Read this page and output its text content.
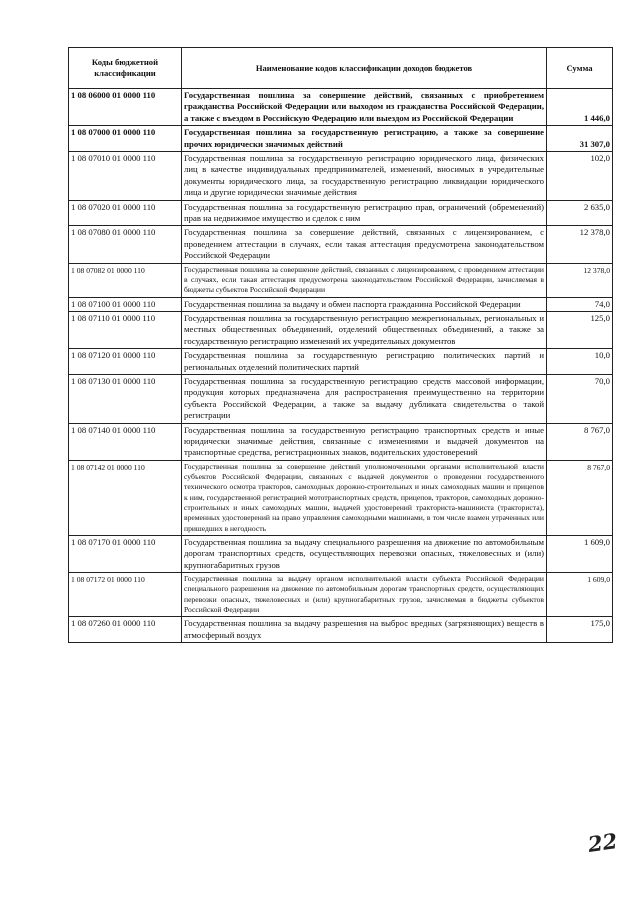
Коды бюджетной классификации	Наименование кодов классификации доходов бюджетов	Сумма
1 08 06000 01 0000 110	Государственная пошлина за совершение действий, связанных с приобретением гражданства Российской Федерации или выходом из гражданства Российской Федерации, а также с въездом в Российскую Федерацию или выездом из Российской Федерации	1 446,0
1 08 07000 01 0000 110	Государственная пошлина за государственную регистрацию, а также за совершение прочих юридически значимых действий	31 307,0
1 08 07010 01 0000 110	Государственная пошлина за государственную регистрацию юридического лица, физических лиц в качестве индивидуальных предпринимателей, изменений, вносимых в учредительные документы юридического лица, за государственную регистрацию ликвидации юридического лица и другие юридически значимые действия	102,0
1 08 07020 01 0000 110	Государственная пошлина за государственную регистрацию прав, ограничений (обременений) прав на недвижимое имущество и сделок с ним	2 635,0
1 08 07080 01 0000 110	Государственная пошлина за совершение действий, связанных с лицензированием, с проведением аттестации в случаях, если такая аттестация предусмотрена законодательством Российской Федерации	12 378,0
1 08 07082 01 0000 110	Государственная пошлина за совершение действий, связанных с лицензированием, с проведением аттестации в случаях, если такая аттестация предусмотрена законодательством Российской Федерации, зачисляемая в бюджеты субъектов Российской Федерации	12 378,0
1 08 07100 01 0000 110	Государственная пошлина за выдачу и обмен паспорта гражданина Российской Федерации	74,0
1 08 07110 01 0000 110	Государственная пошлина за государственную регистрацию межрегиональных, региональных и местных общественных объединений, отделений общественных объединений, а также за государственную регистрацию изменений их учредительных документов	125,0
1 08 07120 01 0000 110	Государственная пошлина за государственную регистрацию политических партий и региональных отделений политических партий	10,0
1 08 07130 01 0000 110	Государственная пошлина за государственную регистрацию средств массовой информации, продукция которых предназначена для распространения преимущественно на территории субъекта Российской Федерации, а также за выдачу дубликата свидетельства о такой регистрации	70,0
1 08 07140 01 0000 110	Государственная пошлина за государственную регистрацию транспортных средств и иные юридически значимые действия, связанные с изменениями и выдачей документов на транспортные средства, регистрационных знаков, водительских удостоверений	8 767,0
1 08 07142 01 0000 110	Государственная пошлина за совершение действий уполномоченными органами исполнительной власти субъектов Российской Федерации, связанных с выдачей документов о проведении государственного технического осмотра тракторов, самоходных дорожно-строительных и иных самоходных машин и прицепов к ним, государственной регистрацией мототранспортных средств, прицепов, тракторов, самоходных дорожно-строительных и иных самоходных машин, выдачей удостоверений тракториста-машиниста (тракториста), временных удостоверений на право управления самоходными машинами, в том числе взамен утраченных или пришедших в негодность	8 767,0
1 08 07170 01 0000 110	Государственная пошлина за выдачу специального разрешения на движение по автомобильным дорогам транспортных средств, осуществляющих перевозки опасных, тяжеловесных и (или) крупногабаритных грузов	1 609,0
1 08 07172 01 0000 110	Государственная пошлина за выдачу органом исполнительной власти субъекта Российской Федерации специального разрешения на движение по автомобильным дорогам транспортных средств, осуществляющих перевозки опасных, тяжеловесных и (или) крупногабаритных грузов, зачисляемая в бюджеты субъектов Российской Федерации	1 609,0
1 08 07260 01 0000 110	Государственная пошлина за выдачу разрешения на выброс вредных (загрязняющих) веществ в атмосферный воздух	175,0
22
